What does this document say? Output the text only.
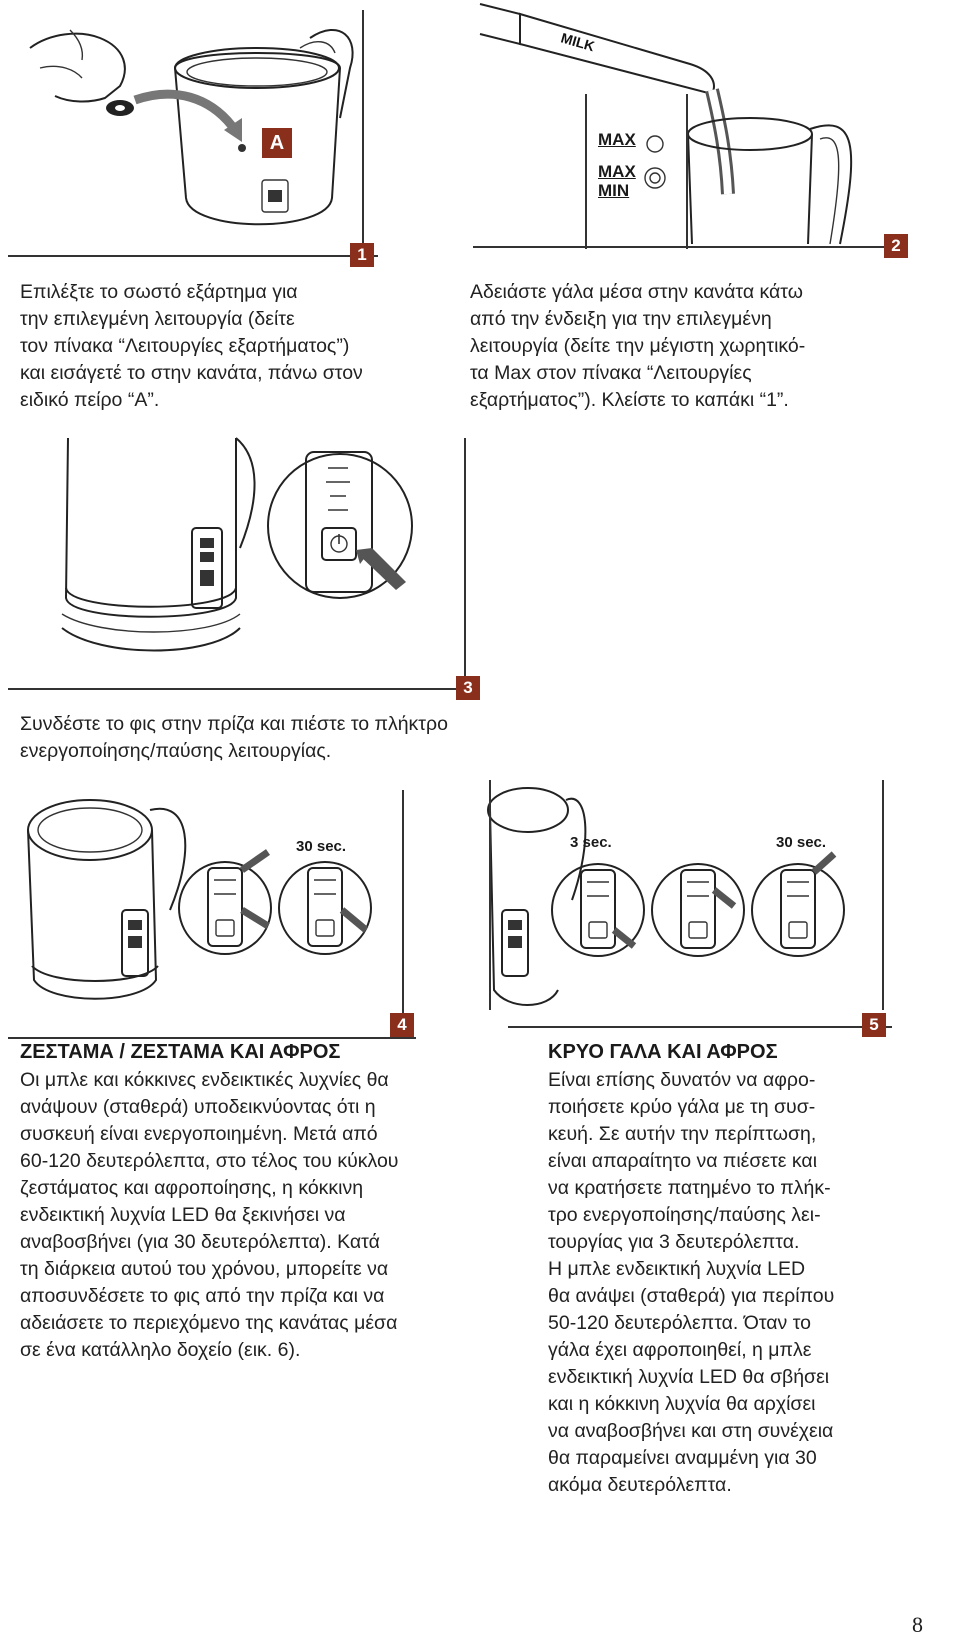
A
1
Επιλέξτε το σωστό εξάρτημα για
την επιλεγμένη λειτουργία (δείτε
τον πίνακα “Λειτουργίες εξαρτήματος”)
και εισάγετέ το στην κανάτα, πάνω στον
ειδικό πείρο “A”.
MILK
MAX
MAX
MIN
2
Αδειάστε γάλα μέσα στην κανάτα κάτω
από την ένδειξη για την επιλεγμένη
λειτουργία (δείτε την μέγιστη χωρητικό-
τα Max στον πίνακα “Λειτουργίες
εξαρτήματος”). Κλείστε το καπάκι “1”.
3
Συνδέστε το φις στην πρίζα και πιέστε το πλήκτρο
ενεργοποίησης/παύσης λειτουργίας.
30 sec.
4
ΖΕΣΤΑΜΑ / ΖΕΣΤΑΜΑ ΚΑΙ ΑΦΡΟΣ
Οι μπλε και κόκκινες ενδεικτικές λυχνίες θα
ανάψουν (σταθερά) υποδεικνύοντας ότι η
συσκευή είναι ενεργοποιημένη. Μετά από
60-120 δευτερόλεπτα, στο τέλος του κύκλου
ζεστάματος και αφροποίησης, η κόκκινη
ενδεικτική λυχνία LED θα ξεκινήσει να
αναβοσβήνει (για 30 δευτερόλεπτα). Κατά
τη διάρκεια αυτού του χρόνου, μπορείτε να
αποσυνδέσετε το φις από την πρίζα και να
αδειάσετε το περιεχόμενο της κανάτας μέσα
σε ένα κατάλληλο δοχείο (εικ. 6).
3 sec.	30 sec.
5
ΚΡΥΟ ΓΑΛΑ ΚΑΙ ΑΦΡΟΣ
Είναι επίσης δυνατόν να αφρο-
ποιήσετε κρύο γάλα με τη συσ-
κευή. Σε αυτήν την περίπτωση,
είναι απαραίτητο να πιέσετε και
να κρατήσετε πατημένο το πλήκ-
τρο ενεργοποίησης/παύσης λει-
τουργίας για 3 δευτερόλεπτα.
Η μπλε ενδεικτική λυχνία LED
θα ανάψει (σταθερά) για περίπου
50-120 δευτερόλεπτα. Όταν το
γάλα έχει αφροποιηθεί, η μπλε
ενδεικτική λυχνία LED θα σβήσει
και η κόκκινη λυχνία θα αρχίσει
να αναβοσβήνει και στη συνέχεια
θα παραμείνει αναμμένη για 30
ακόμα δευτερόλεπτα.
8
